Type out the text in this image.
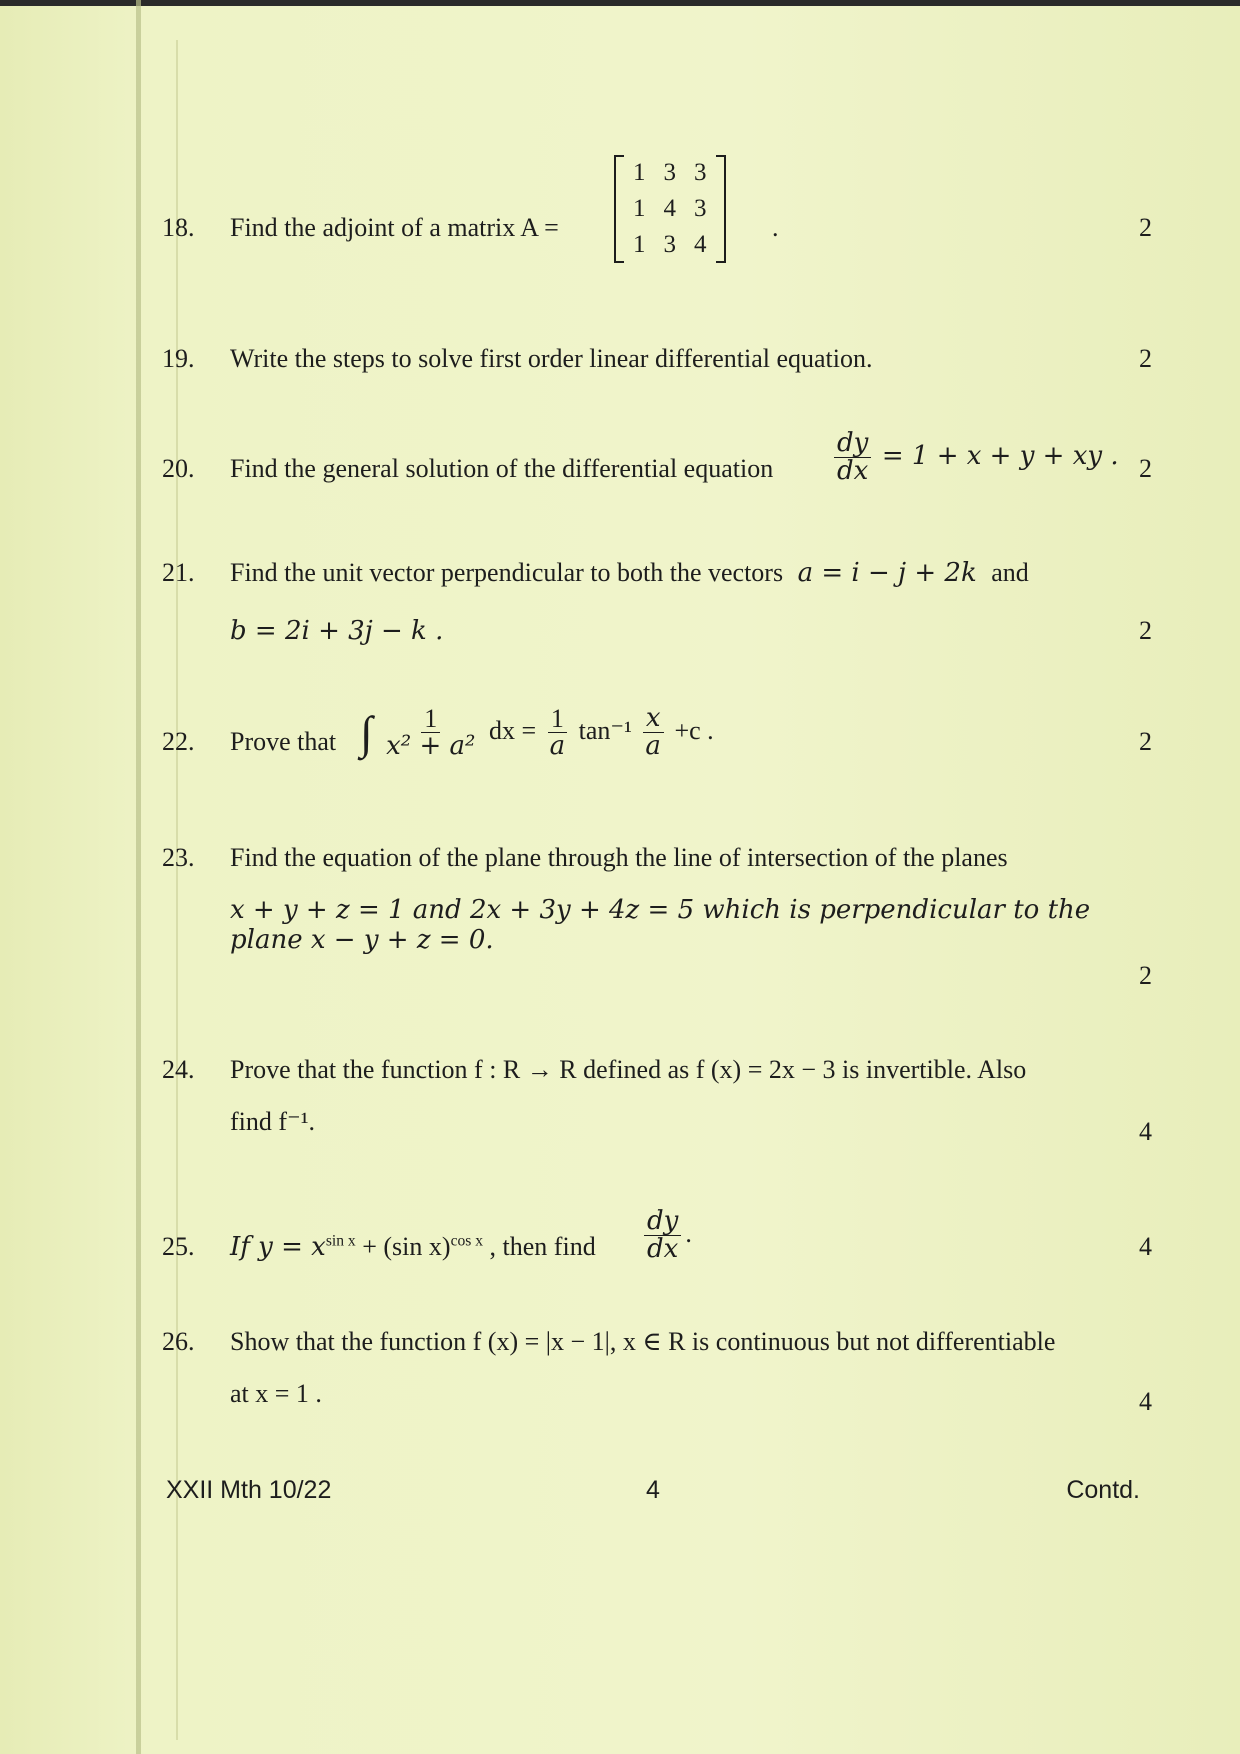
18.	Find the adjoint of a matrix A =
1	3	3
1	4	3
1	3	4
.	2
19.	Write the steps to solve first order linear differential equation.	2
20.	Find the general solution of the differential equation $\frac{dy}{dx} = 1 + x + y$ + xy . 2
21.	Find the unit vector perpendicular to both the vectors a = i − j + 2k and
b = 2i + 3j − k .	2
22.	Prove that ∫ $\frac{1}{\text{x² + a²}}$ dx = $\frac{1}{a} \tan^{-1} \frac{x}{a} +c$ .	2
23.	Find the equation of the plane through the line of intersection of the planes
x + y + z = 1 and 2x + 3y + 4z = 5 which is perpendicular to the plane x − y + z = 0.
2
24.	Prove that the function f : R → R defined as f (x) = 2x − 3 is invertible. Also
find f⁻¹.	4
25.	If $y = x^{sin x} + (\sin$ x)$^{cos x}$ , then find $\frac{dy}{dx}$ .	4
26.	Show that the function f (x) = |x − 1|, x ∈ R is continuous but not differentiable
at x = 1 .	4
XXII Mth 10/22	4	Contd.
